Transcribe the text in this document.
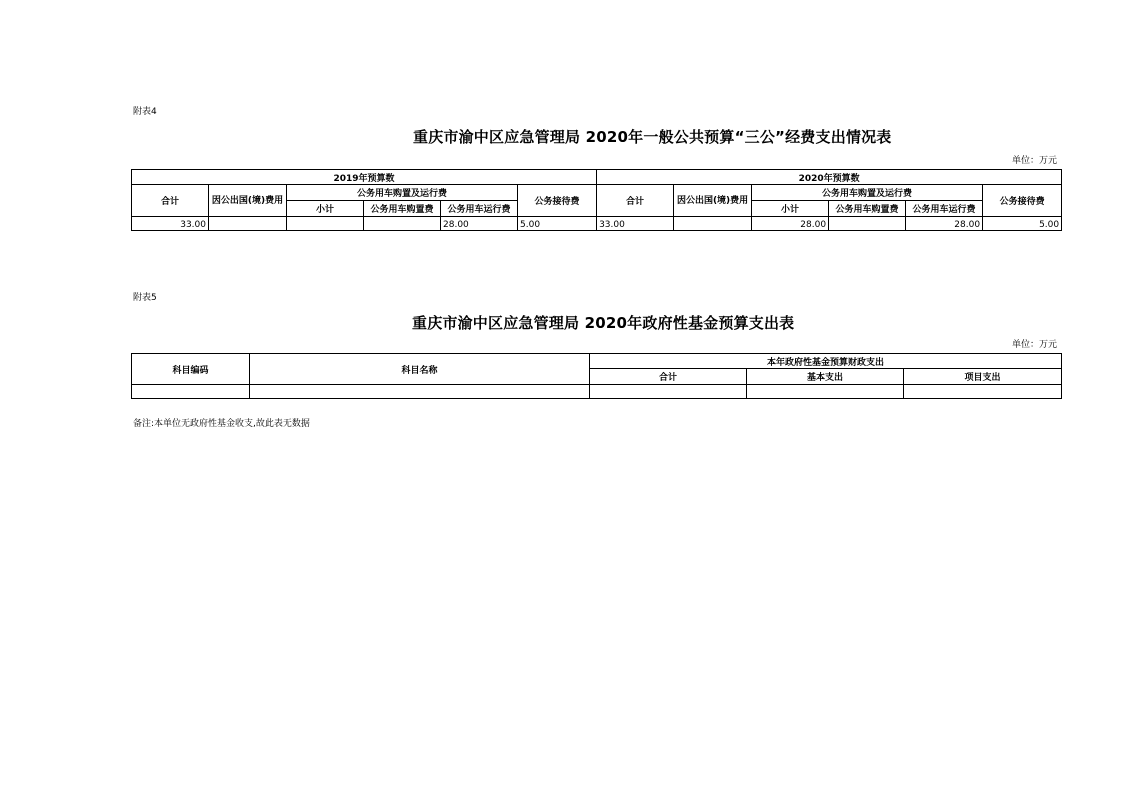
附表4
重庆市渝中区应急管理局 2020年一般公共预算“三公”经费支出情况表
单位：万元
2019年预算数						2020年预算数					
合计	因公出国(境)费用	公务用车购置及运行费			公务接待费	合计	因公出国(境)费用	公务用车购置及运行费			公务接待费
		小计	公务用车购置费	公务用车运行费				小计	公务用车购置费	公务用车运行费	
33.00				28.00	5.00	33.00		28.00		28.00	5.00
附表5
重庆市渝中区应急管理局 2020年政府性基金预算支出表
单位：万元
科目编码	科目名称	本年政府性基金预算财政支出		
		合计	基本支出	项目支出

备注:本单位无政府性基金收支,故此表无数据
